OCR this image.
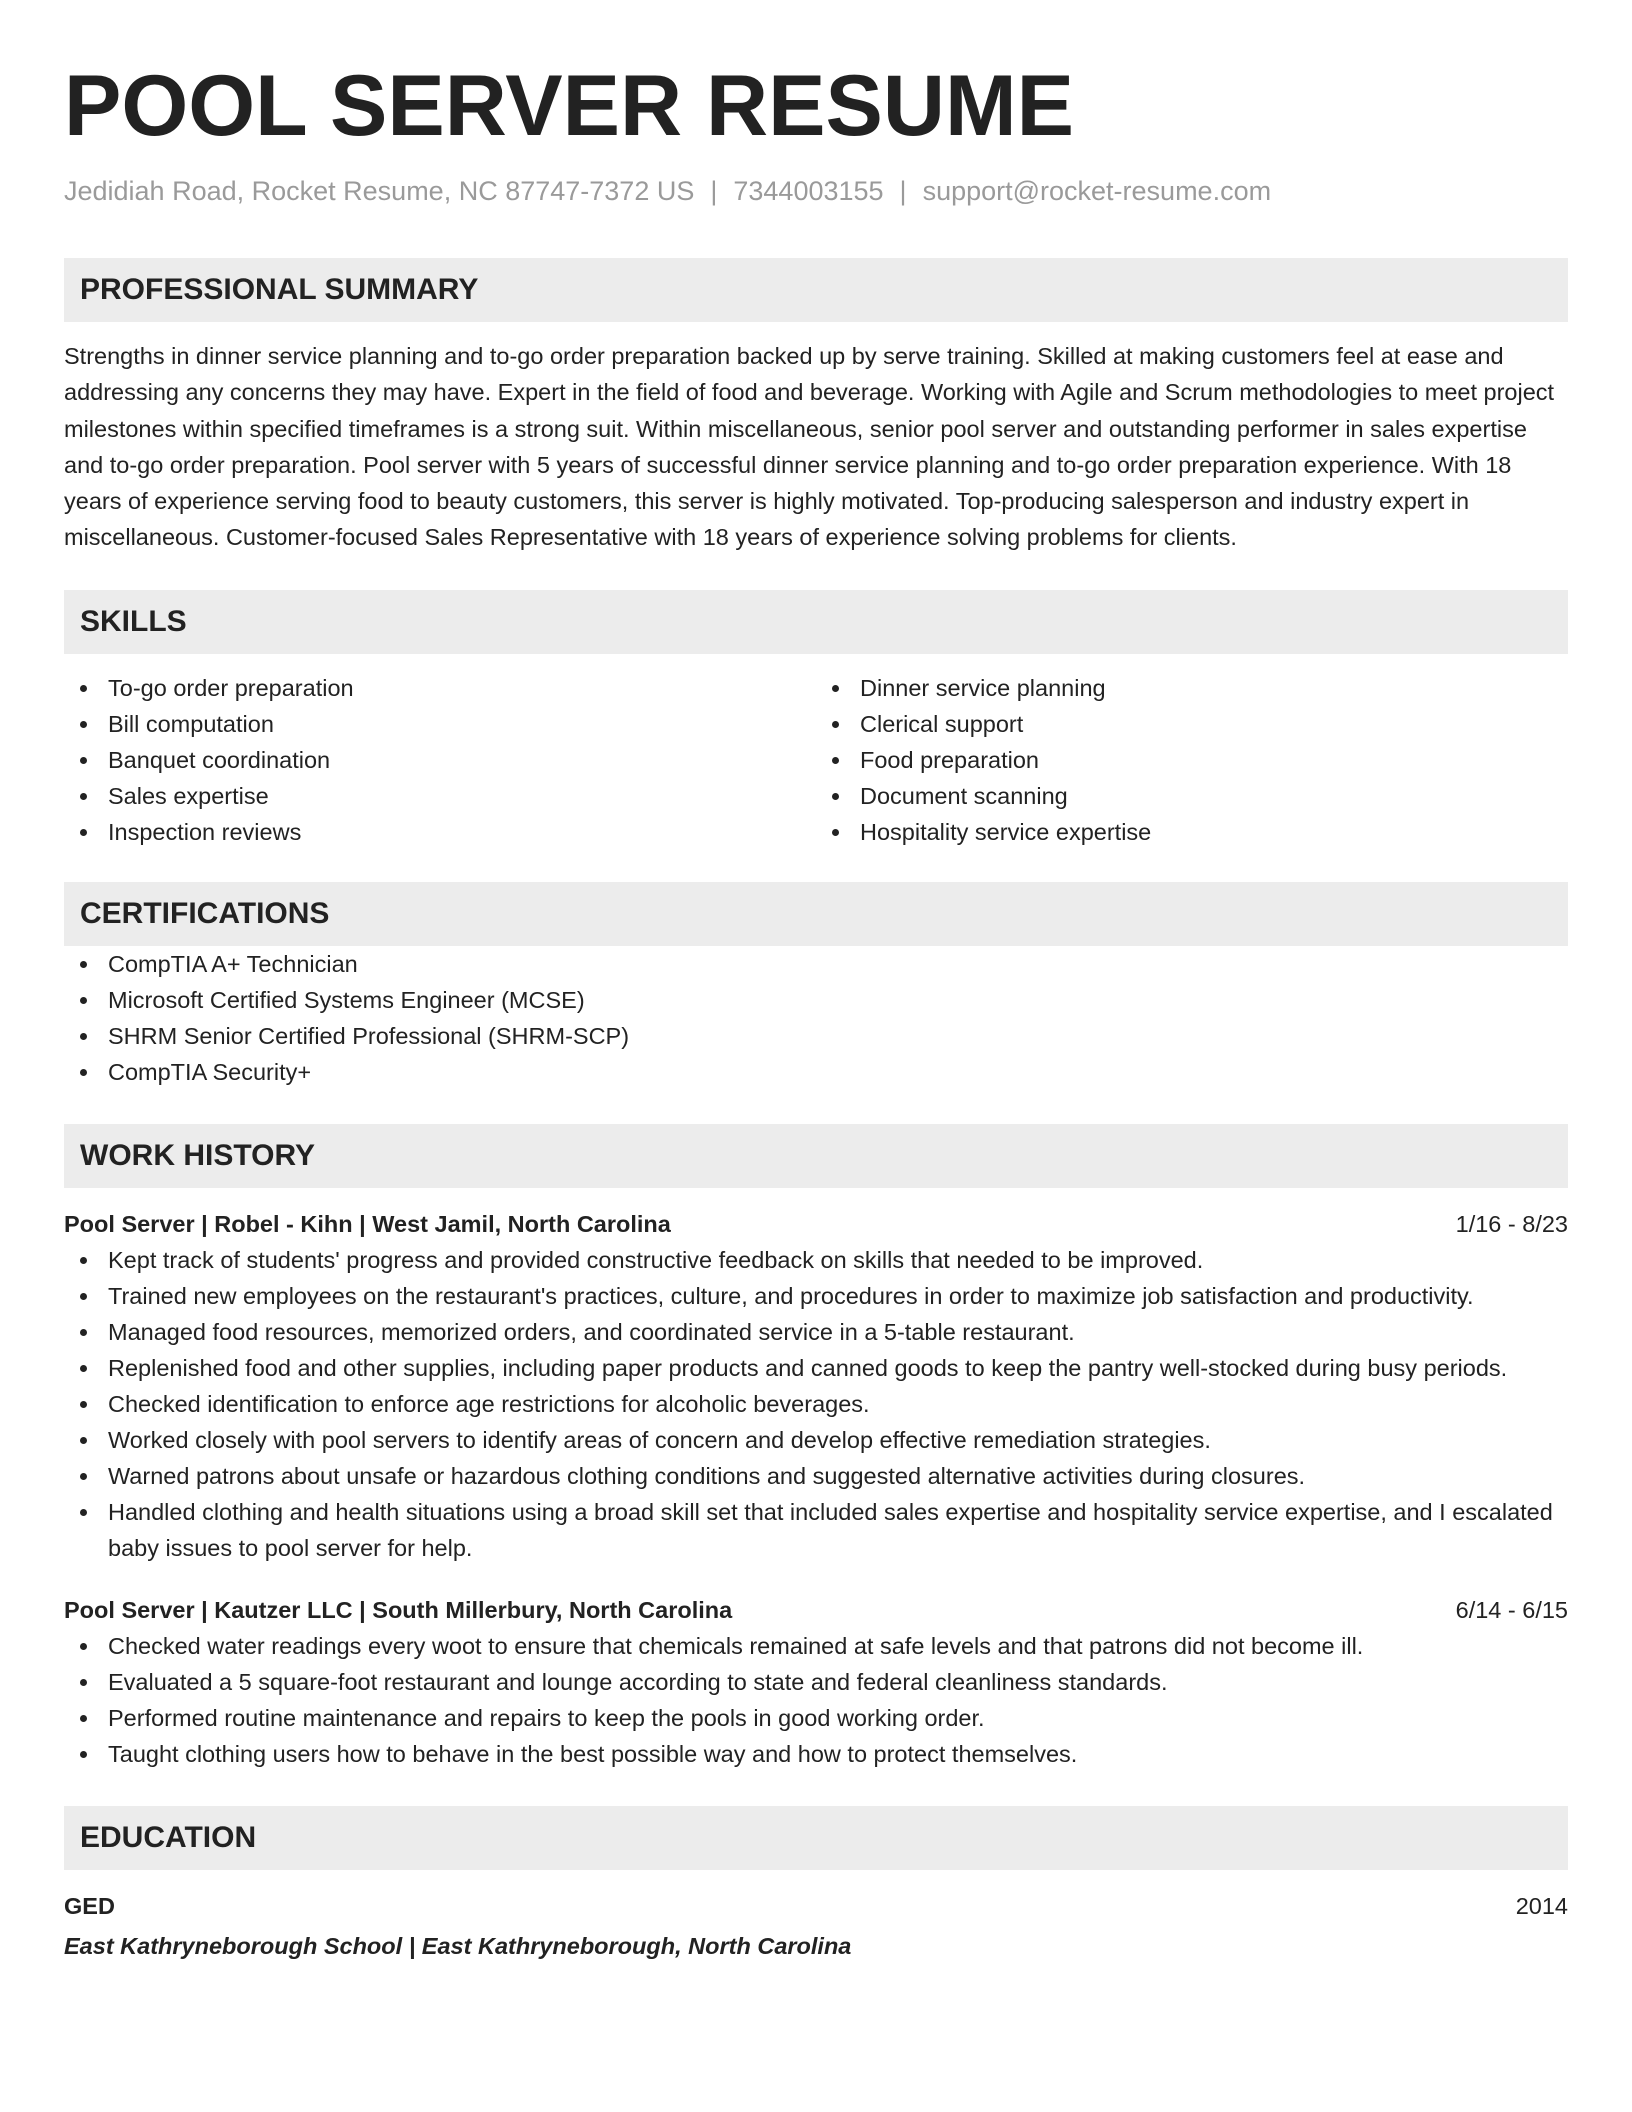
POOL SERVER RESUME
Jedidiah Road, Rocket Resume, NC 87747-7372 US | 7344003155 | support@rocket-resume.com
PROFESSIONAL SUMMARY
Strengths in dinner service planning and to-go order preparation backed up by serve training. Skilled at making customers feel at ease and addressing any concerns they may have. Expert in the field of food and beverage. Working with Agile and Scrum methodologies to meet project milestones within specified timeframes is a strong suit. Within miscellaneous, senior pool server and outstanding performer in sales expertise and to-go order preparation. Pool server with 5 years of successful dinner service planning and to-go order preparation experience. With 18 years of experience serving food to beauty customers, this server is highly motivated. Top-producing salesperson and industry expert in miscellaneous. Customer-focused Sales Representative with 18 years of experience solving problems for clients.
SKILLS
To-go order preparation
Bill computation
Banquet coordination
Sales expertise
Inspection reviews
Dinner service planning
Clerical support
Food preparation
Document scanning
Hospitality service expertise
CERTIFICATIONS
CompTIA A+ Technician
Microsoft Certified Systems Engineer (MCSE)
SHRM Senior Certified Professional (SHRM-SCP)
CompTIA Security+
WORK HISTORY
Pool Server | Robel - Kihn | West Jamil, North Carolina	1/16 - 8/23
Kept track of students' progress and provided constructive feedback on skills that needed to be improved.
Trained new employees on the restaurant's practices, culture, and procedures in order to maximize job satisfaction and productivity.
Managed food resources, memorized orders, and coordinated service in a 5-table restaurant.
Replenished food and other supplies, including paper products and canned goods to keep the pantry well-stocked during busy periods.
Checked identification to enforce age restrictions for alcoholic beverages.
Worked closely with pool servers to identify areas of concern and develop effective remediation strategies.
Warned patrons about unsafe or hazardous clothing conditions and suggested alternative activities during closures.
Handled clothing and health situations using a broad skill set that included sales expertise and hospitality service expertise, and I escalated baby issues to pool server for help.
Pool Server | Kautzer LLC | South Millerbury, North Carolina	6/14 - 6/15
Checked water readings every woot to ensure that chemicals remained at safe levels and that patrons did not become ill.
Evaluated a 5 square-foot restaurant and lounge according to state and federal cleanliness standards.
Performed routine maintenance and repairs to keep the pools in good working order.
Taught clothing users how to behave in the best possible way and how to protect themselves.
EDUCATION
GED	2014
East Kathryneborough School | East Kathryneborough, North Carolina
